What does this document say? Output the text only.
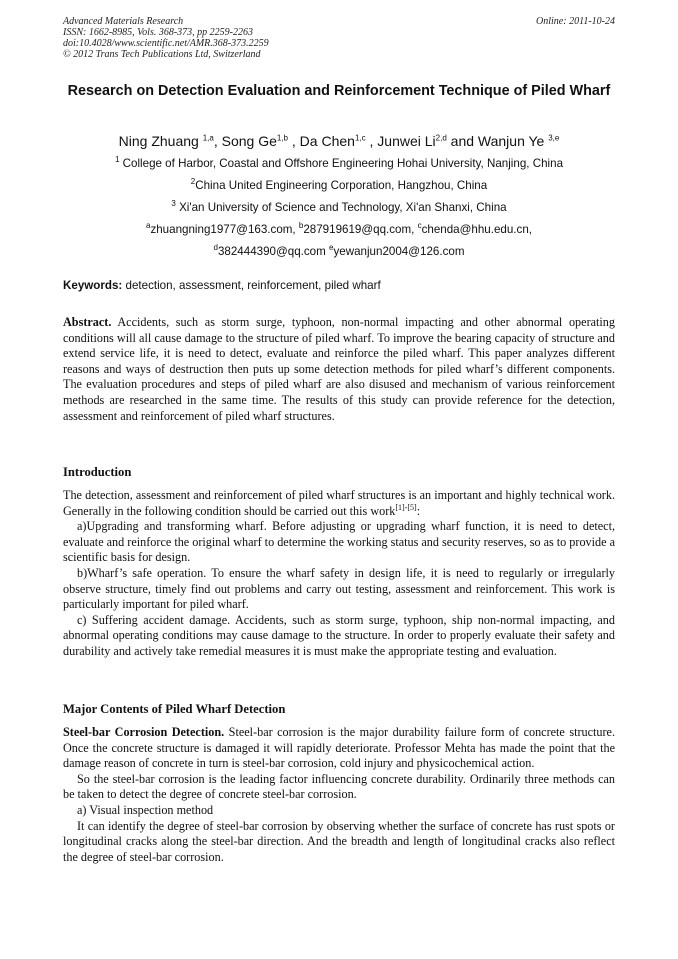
Advanced Materials Research
ISSN: 1662-8985, Vols. 368-373, pp 2259-2263
doi:10.4028/www.scientific.net/AMR.368-373.2259
© 2012 Trans Tech Publications Ltd, Switzerland
Online: 2011-10-24
Research on Detection Evaluation and Reinforcement Technique of Piled Wharf
Ning Zhuang $^{1,a}$, Song Ge$^{1,b}$ , Da Chen$^{1,c}$ , Junwei Li$^{2,d}$ and Wanjun Ye $^{3,e}$
$^1$ College of Harbor, Coastal and Offshore Engineering Hohai University, Nanjing, China
$^2$China United Engineering Corporation, Hangzhou, China
$^3$ Xi'an University of Science and Technology, Xi'an Shanxi, China
$^a$zhuangning1977@163.com, $^b$287919619@qq.com, $^c$chenda@hhu.edu.cn,
$^d$382444390@qq.com $^e$yewanjun2004@126.com
Keywords: detection, assessment, reinforcement, piled wharf

Abstract. Accidents, such as storm surge, typhoon, non-normal impacting and other abnormal operating conditions will all cause damage to the structure of piled wharf. To improve the bearing capacity of structure and extend service life, it is need to detect, evaluate and reinforce the piled wharf. This paper analyzes different reasons and ways of destruction then puts up some detection methods for piled wharf’s different components. The evaluation procedures and steps of piled wharf are also disused and mechanism of various reinforcement methods are researched in the same time. The results of this study can provide reference for the detection, assessment and reinforcement of piled wharf structures.

Introduction

The detection, assessment and reinforcement of piled wharf structures is an important and highly technical work. Generally in the following condition should be carried out this work[1]-[5]:

a)Upgrading and transforming wharf. Before adjusting or upgrading wharf function, it is need to detect, evaluate and reinforce the original wharf to determine the working status and security reserves, so as to provide a scientific basis for design.

b)Wharf’s safe operation. To ensure the wharf safety in design life, it is need to regularly or irregularly observe structure, timely find out problems and carry out testing, assessment and reinforcement. This work is particularly important for piled wharf.

c) Suffering accident damage. Accidents, such as storm surge, typhoon, ship non-normal impacting, and abnormal operating conditions may cause damage to the structure. In order to properly evaluate their safety and durability and actively take remedial measures it is must make the appropriate testing and evaluation.

Major Contents of Piled Wharf Detection

Steel-bar Corrosion Detection. Steel-bar corrosion is the major durability failure form of concrete structure. Once the concrete structure is damaged it will rapidly deteriorate. Professor Mehta has made the point that the damage reason of concrete in turn is steel-bar corrosion, cold injury and physicochemical action.

So the steel-bar corrosion is the leading factor influencing concrete durability. Ordinarily three methods can be taken to detect the degree of concrete steel-bar corrosion.

a) Visual inspection method

It can identify the degree of steel-bar corrosion by observing whether the surface of concrete has rust spots or longitudinal cracks along the steel-bar direction. And the breadth and length of longitudinal cracks also reflect the degree of steel-bar corrosion.
